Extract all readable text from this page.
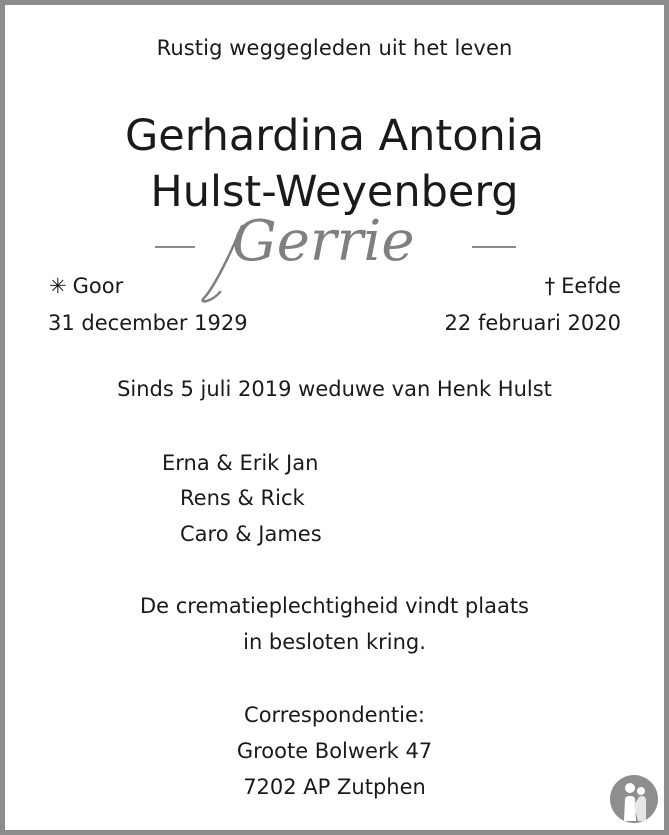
Rustig weggegleden uit het leven
Gerhardina Antonia
Hulst-Weyenberg
Gerrie
✳ Goor
31 december 1929
† Eefde
22 februari 2020
Sinds 5 juli 2019 weduwe van Henk Hulst
Erna & Erik Jan
Rens & Rick
Caro & James
De crematieplechtigheid vindt plaats
in besloten kring.
Correspondentie:
Groote Bolwerk 47
7202 AP Zutphen
